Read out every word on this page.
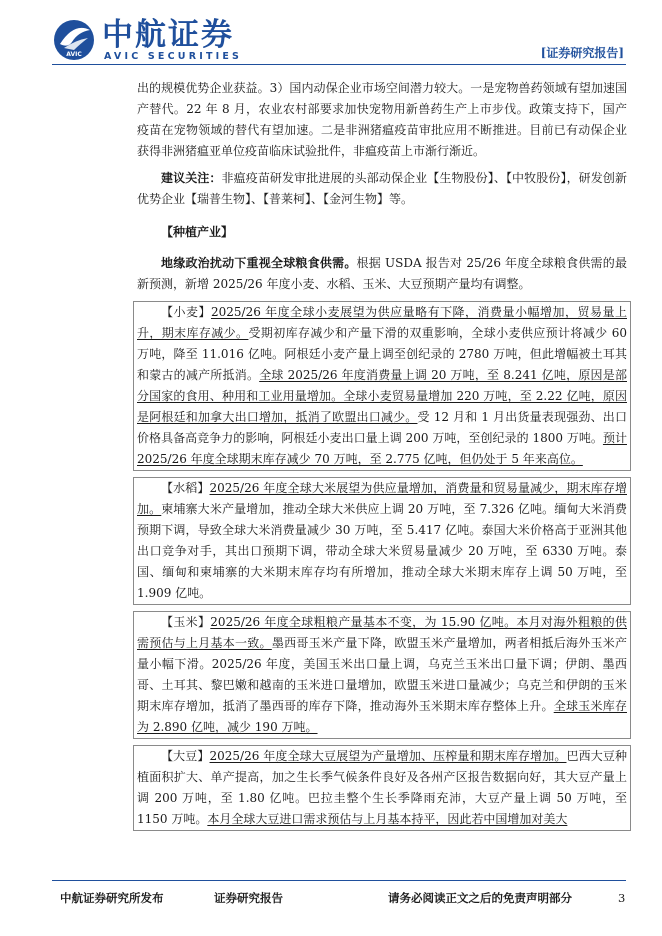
AVIC
中航证券
AVIC SECURITIES	[证券研究报告]

出的规模优势企业获益。3）国内动保企业市场空间潜力较大。一是宠物兽药领域有望加速国产替代。22 年 8 月，农业农村部要求加快宠物用新兽药生产上市步伐。政策支持下，国产疫苗在宠物领域的替代有望加速。二是非洲猪瘟疫苗审批应用不断推进。目前已有动保企业获得非洲猪瘟亚单位疫苗临床试验批件，非瘟疫苗上市渐行渐近。

建议关注：非瘟疫苗研发审批进展的头部动保企业【生物股份】、【中牧股份】，研发创新优势企业【瑞普生物】、【普莱柯】、【金河生物】等。

【种植产业】

地缘政治扰动下重视全球粮食供需。根据 USDA 报告对 25/26 年度全球粮食供需的最新预测，新增 2025/26 年度小麦、水稻、玉米、大豆预期产量均有调整。

【小麦】2025/26 年度全球小麦展望为供应量略有下降，消费量小幅增加，贸易量上升，期末库存减少。受期初库存减少和产量下滑的双重影响，全球小麦供应预计将减少 60 万吨，降至 11.016 亿吨。阿根廷小麦产量上调至创纪录的 2780 万吨，但此增幅被土耳其和蒙古的减产所抵消。全球 2025/26 年度消费量上调 20 万吨，至 8.241 亿吨，原因是部分国家的食用、种用和工业用量增加。全球小麦贸易量增加 220 万吨，至 2.22 亿吨，原因是阿根廷和加拿大出口增加，抵消了欧盟出口减少。受 12 月和 1 月出货量表现强劲、出口价格具备高竞争力的影响，阿根廷小麦出口量上调 200 万吨，至创纪录的 1800 万吨。预计 2025/26 年度全球期末库存减少 70 万吨，至 2.775 亿吨，但仍处于 5 年来高位。

【水稻】2025/26 年度全球大米展望为供应量增加，消费量和贸易量减少，期末库存增加。柬埔寨大米产量增加，推动全球大米供应上调 20 万吨，至 7.326 亿吨。缅甸大米消费预期下调，导致全球大米消费量减少 30 万吨，至 5.417 亿吨。泰国大米价格高于亚洲其他出口竞争对手，其出口预期下调，带动全球大米贸易量减少 20 万吨，至 6330 万吨。泰国、缅甸和柬埔寨的大米期末库存均有所增加，推动全球大米期末库存上调 50 万吨，至 1.909 亿吨。

【玉米】2025/26 年度全球粗粮产量基本不变，为 15.90 亿吨。本月对海外粗粮的供需预估与上月基本一致。墨西哥玉米产量下降，欧盟玉米产量增加，两者相抵后海外玉米产量小幅下滑。2025/26 年度，美国玉米出口量上调，乌克兰玉米出口量下调；伊朗、墨西哥、土耳其、黎巴嫩和越南的玉米进口量增加，欧盟玉米进口量减少；乌克兰和伊朗的玉米期末库存增加，抵消了墨西哥的库存下降，推动海外玉米期末库存整体上升。全球玉米库存为 2.890 亿吨，减少 190 万吨。

【大豆】2025/26 年度全球大豆展望为产量增加、压榨量和期末库存增加。巴西大豆种植面积扩大、单产提高，加之生长季气候条件良好及各州产区报告数据向好，其大豆产量上调 200 万吨，至 1.80 亿吨。巴拉圭整个生长季降雨充沛，大豆产量上调 50 万吨，至 1150 万吨。本月全球大豆进口需求预估与上月基本持平，因此若中国增加对美大

中航证券研究所发布	证券研究报告	请务必阅读正文之后的免责声明部分	3
